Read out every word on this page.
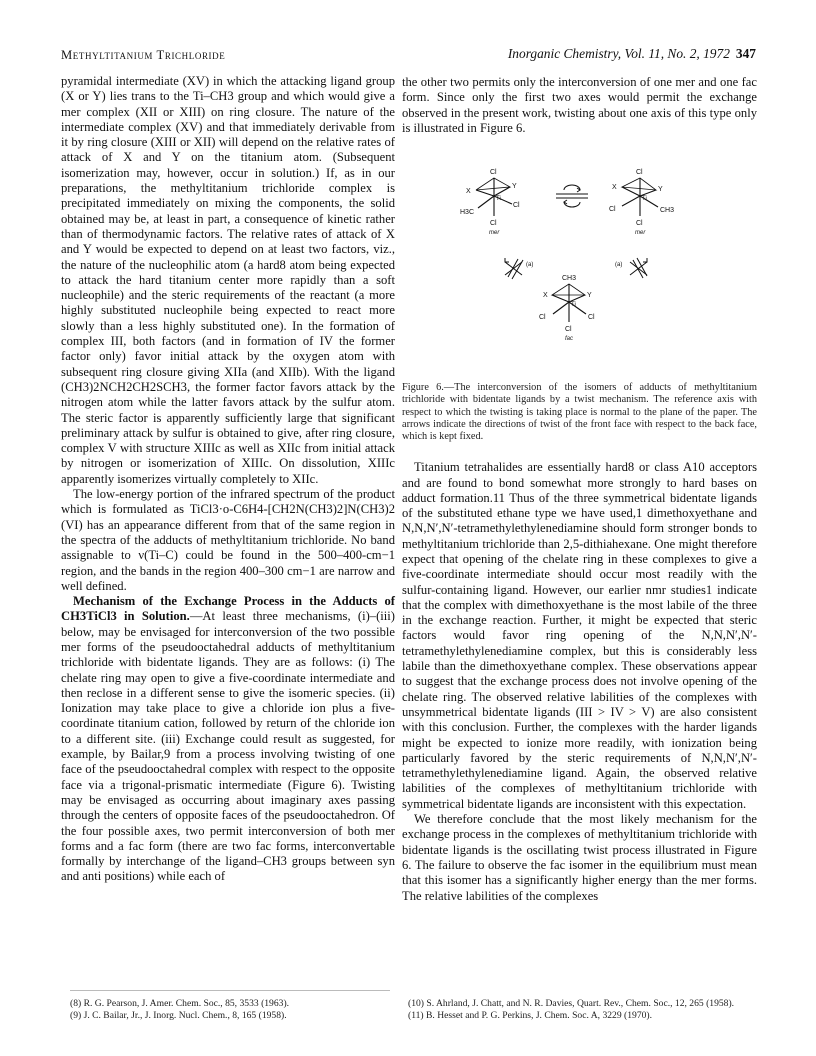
Methyltitanium Trichloride	Inorganic Chemistry, Vol. 11, No. 2, 1972 347

pyramidal intermediate (XV) in which the attacking ligand group (X or Y) lies trans to the Ti–CH3 group and which would give a mer complex (XII or XIII) on ring closure. The nature of the intermediate complex (XV) and that immediately derivable from it by ring closure (XIII or XII) will depend on the relative rates of attack of X and Y on the titanium atom. (Subsequent isomerization may, however, occur in solution.) If, as in our preparations, the methyltitanium trichloride complex is precipitated immediately on mixing the components, the solid obtained may be, at least in part, a consequence of kinetic rather than of thermodynamic factors. The relative rates of attack of X and Y would be expected to depend on at least two factors, viz., the nature of the nucleophilic atom (a hard8 atom being expected to attack the hard titanium center more rapidly than a soft nucleophile) and the steric requirements of the reactant (a more highly substituted nucleophile being expected to react more slowly than a less highly substituted one). In the formation of complex III, both factors (and in formation of IV the former factor only) favor initial attack by the oxygen atom with subsequent ring closure giving XIIa (and XIIb). With the ligand (CH3)2NCH2CH2SCH3, the former factor favors attack by the nitrogen atom while the latter favors attack by the sulfur atom. The steric factor is apparently sufficiently large that significant preliminary attack by sulfur is obtained to give, after ring closure, complex V with structure XIIIc as well as XIIc from initial attack by nitrogen or isomerization of XIIIc. On dissolution, XIIIc apparently isomerizes virtually completely to XIIc.

The low-energy portion of the infrared spectrum of the product which is formulated as TiCl3·o-C6H4-[CH2N(CH3)2]N(CH3)2 (VI) has an appearance different from that of the same region in the spectra of the adducts of methyltitanium trichloride. No band assignable to ν(Ti–C) could be found in the 500–400-cm−1 region, and the bands in the region 400–300 cm−1 are narrow and well defined.

Mechanism of the Exchange Process in the Adducts of CH3TiCl3 in Solution.—At least three mechanisms, (i)–(iii) below, may be envisaged for interconversion of the two possible mer forms of the pseudooctahedral adducts of methyltitanium trichloride with bidentate ligands. They are as follows: (i) The chelate ring may open to give a five-coordinate intermediate and then reclose in a different sense to give the isomeric species. (ii) Ionization may take place to give a chloride ion plus a five-coordinate titanium cation, followed by return of the chloride ion to a different site. (iii) Exchange could result as suggested, for example, by Bailar,9 from a process involving twisting of one face of the pseudooctahedral complex with respect to the opposite face via a trigonal-prismatic intermediate (Figure 6). Twisting may be envisaged as occurring about imaginary axes passing through the centers of opposite faces of the pseudooctahedron. Of the four possible axes, two permit interconversion of both mer forms and a fac form (there are two fac forms, interconvertable formally by interchange of the ligand–CH3 groups between syn and anti positions) while each of

the other two permits only the interconversion of one mer and one fac form. Since only the first two axes would permit the exchange observed in the present work, twisting about one axis of this type only is illustrated in Figure 6.

Cl
X
Y
Ti
H3C
Cl
Cl
mer
Cl
X	Y
Ti
Cl	CH3
Cl
mer
(a)	(a)
CH3
X	Y
Ti
Cl	Cl
Cl
fac

Figure 6.—The interconversion of the isomers of adducts of methyltitanium trichloride with bidentate ligands by a twist mechanism. The reference axis with respect to which the twisting is taking place is normal to the plane of the paper. The arrows indicate the directions of twist of the front face with respect to the back face, which is kept fixed.

Titanium tetrahalides are essentially hard8 or class A10 acceptors and are found to bond somewhat more strongly to hard bases on adduct formation.11 Thus of the three symmetrical bidentate ligands of the substituted ethane type we have used,1 dimethoxyethane and N,N,N′,N′-tetramethylethylenediamine should form stronger bonds to methyltitanium trichloride than 2,5-dithiahexane. One might therefore expect that opening of the chelate ring in these complexes to give a five-coordinate intermediate should occur most readily with the sulfur-containing ligand. However, our earlier nmr studies1 indicate that the complex with dimethoxyethane is the most labile of the three in the exchange reaction. Further, it might be expected that steric factors would favor ring opening of the N,N,N′,N′-tetramethylethylenediamine complex, but this is considerably less labile than the dimethoxyethane complex. These observations appear to suggest that the exchange process does not involve opening of the chelate ring. The observed relative labilities of the complexes with unsymmetrical bidentate ligands (III > IV > V) are also consistent with this conclusion. Further, the complexes with the harder ligands might be expected to ionize more readily, with ionization being particularly favored by the steric requirements of N,N,N′,N′-tetramethylethylenediamine ligand. Again, the observed relative labilities of the complexes of methyltitanium trichloride with symmetrical bidentate ligands are inconsistent with this expectation.

We therefore conclude that the most likely mechanism for the exchange process in the complexes of methyltitanium trichloride with bidentate ligands is the oscillating twist process illustrated in Figure 6. The failure to observe the fac isomer in the equilibrium must mean that this isomer has a significantly higher energy than the mer forms. The relative labilities of the complexes

(8) R. G. Pearson, J. Amer. Chem. Soc., 85, 3533 (1963).

(9) J. C. Bailar, Jr., J. Inorg. Nucl. Chem., 8, 165 (1958).

(10) S. Ahrland, J. Chatt, and N. R. Davies, Quart. Rev., Chem. Soc., 12, 265 (1958).

(11) B. Hesset and P. G. Perkins, J. Chem. Soc. A, 3229 (1970).
